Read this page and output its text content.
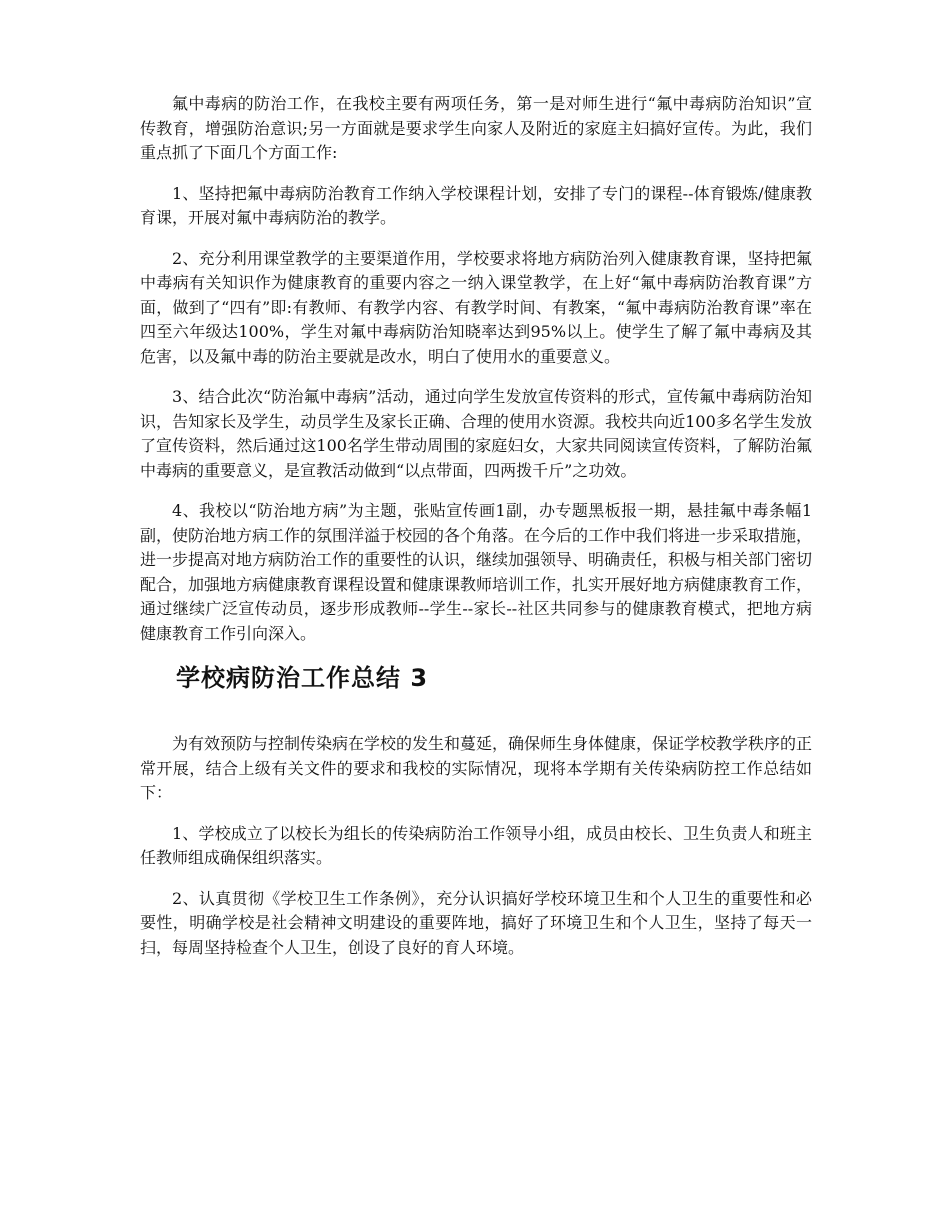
氟中毒病的防治工作，在我校主要有两项任务，第一是对师生进行“氟中毒病防治知识”宣传教育，增强防治意识;另一方面就是要求学生向家人及附近的家庭主妇搞好宣传。为此，我们重点抓了下面几个方面工作:

1、坚持把氟中毒病防治教育工作纳入学校课程计划，安排了专门的课程--体育锻炼/健康教育课，开展对氟中毒病防治的教学。

2、充分利用课堂教学的主要渠道作用，学校要求将地方病防治列入健康教育课，坚持把氟中毒病有关知识作为健康教育的重要内容之一纳入课堂教学，在上好“氟中毒病防治教育课”方面，做到了“四有”即:有教师、有教学内容、有教学时间、有教案，“氟中毒病防治教育课”率在四至六年级达100%，学生对氟中毒病防治知晓率达到95%以上。使学生了解了氟中毒病及其危害，以及氟中毒的防治主要就是改水，明白了使用水的重要意义。

3、结合此次“防治氟中毒病”活动，通过向学生发放宣传资料的形式，宣传氟中毒病防治知识，告知家长及学生，动员学生及家长正确、合理的使用水资源。我校共向近100多名学生发放了宣传资料，然后通过这100名学生带动周围的家庭妇女，大家共同阅读宣传资料，了解防治氟中毒病的重要意义，是宣教活动做到“以点带面，四两拨千斤”之功效。

4、我校以“防治地方病”为主题，张贴宣传画1副，办专题黑板报一期，悬挂氟中毒条幅1副，使防治地方病工作的氛围洋溢于校园的各个角落。在今后的工作中我们将进一步采取措施，进一步提高对地方病防治工作的重要性的认识，继续加强领导、明确责任，积极与相关部门密切配合，加强地方病健康教育课程设置和健康课教师培训工作，扎实开展好地方病健康教育工作，通过继续广泛宣传动员，逐步形成教师--学生--家长--社区共同参与的健康教育模式，把地方病健康教育工作引向深入。

学校病防治工作总结 3

为有效预防与控制传染病在学校的发生和蔓延，确保师生身体健康，保证学校教学秩序的正常开展，结合上级有关文件的要求和我校的实际情况，现将本学期有关传染病防控工作总结如下：

1、学校成立了以校长为组长的传染病防治工作领导小组，成员由校长、卫生负责人和班主任教师组成确保组织落实。

2、认真贯彻《学校卫生工作条例》，充分认识搞好学校环境卫生和个人卫生的重要性和必要性，明确学校是社会精神文明建设的重要阵地，搞好了环境卫生和个人卫生，坚持了每天一扫，每周坚持检查个人卫生，创设了良好的育人环境。
